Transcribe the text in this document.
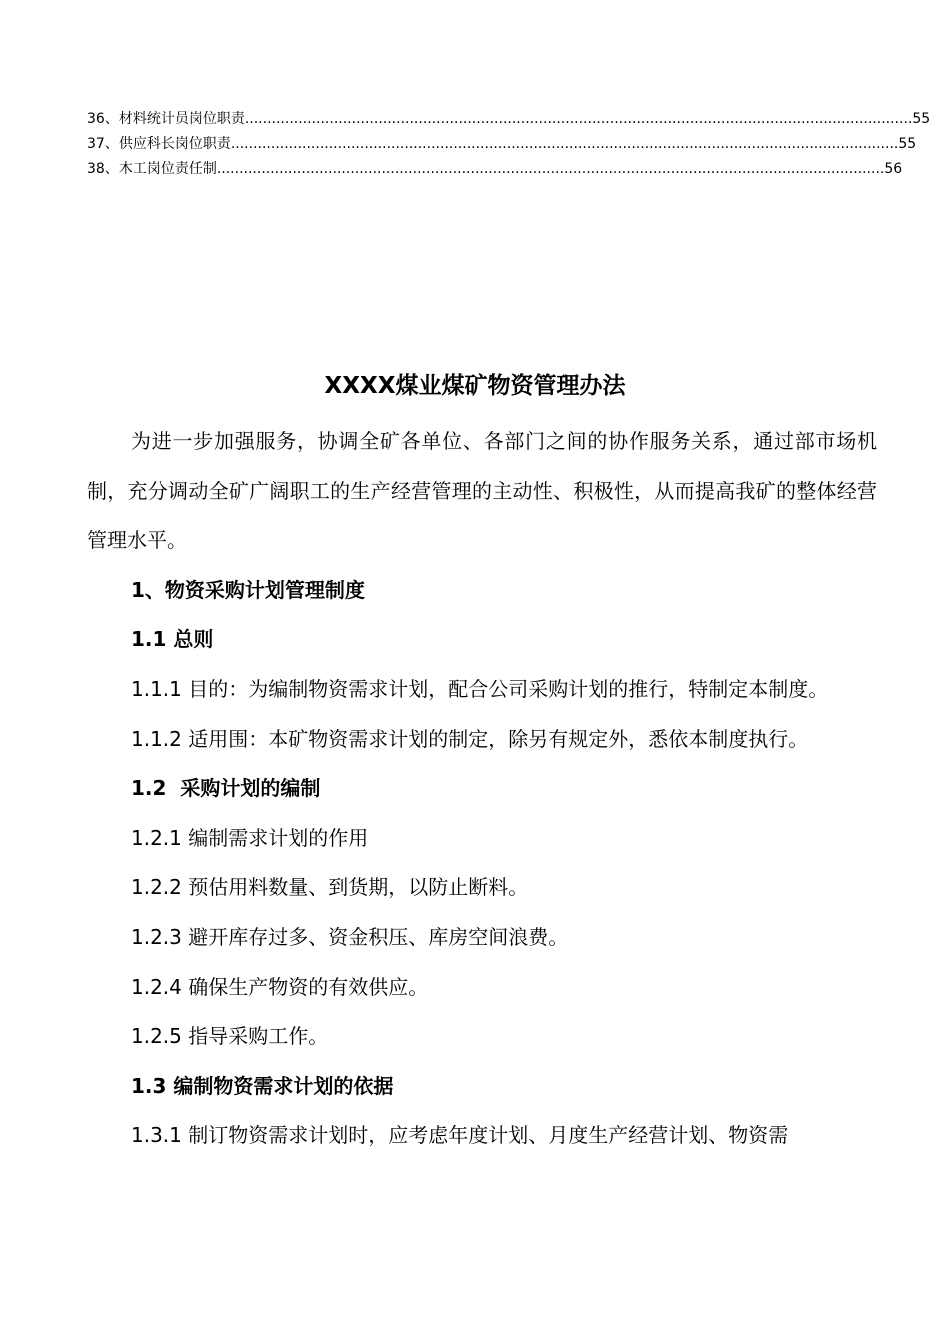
36、材料统计员岗位职责 ...................................................................................................................................................... 55
37、供应科长岗位职责 ...................................................................................................................................................... 55
38、木工岗位责任制 ...................................................................................................................................................... 56
XXXX煤业煤矿物资管理办法

为进一步加强服务，协调全矿各单位、各部门之间的协作服务关系，通过部市场机制，充分调动全矿广阔职工的生产经营管理的主动性、积极性，从而提高我矿的整体经营管理水平。

1、物资采购计划管理制度

1.1 总则

1.1.1 目的：为编制物资需求计划，配合公司采购计划的推行，特制定本制度。

1.1.2 适用围：本矿物资需求计划的制定，除另有规定外，悉依本制度执行。

1.2  采购计划的编制

1.2.1 编制需求计划的作用

1.2.2 预估用料数量、到货期，以防止断料。

1.2.3 避开库存过多、资金积压、库房空间浪费。

1.2.4 确保生产物资的有效供应。

1.2.5 指导采购工作。

1.3 编制物资需求计划的依据

1.3.1 制订物资需求计划时，应考虑年度计划、月度生产经营计划、物资需
